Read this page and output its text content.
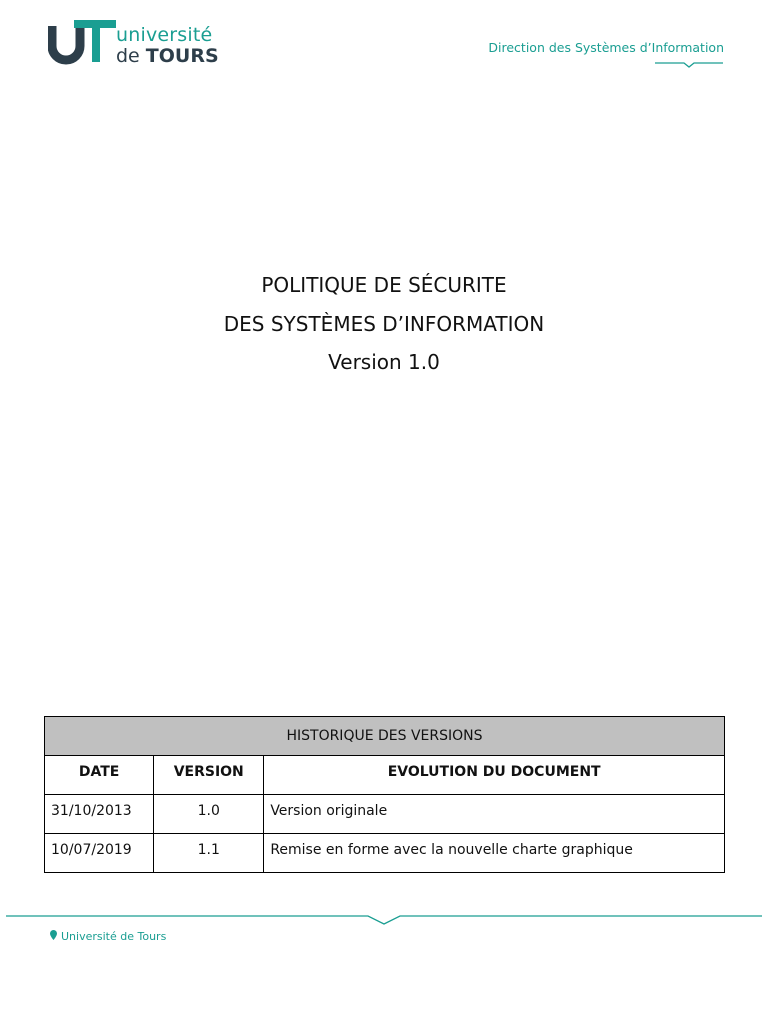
université
de TOURS	Direction des Systèmes d’Information
POLITIQUE DE SÉCURITE
DES SYSTÈMES D’INFORMATION
Version 1.0
HISTORIQUE DES VERSIONS		
DATE	VERSION	EVOLUTION DU DOCUMENT
31/10/2013	1.0	Version originale
10/07/2019	1.1	Remise en forme avec la nouvelle charte graphique
Université de Tours
